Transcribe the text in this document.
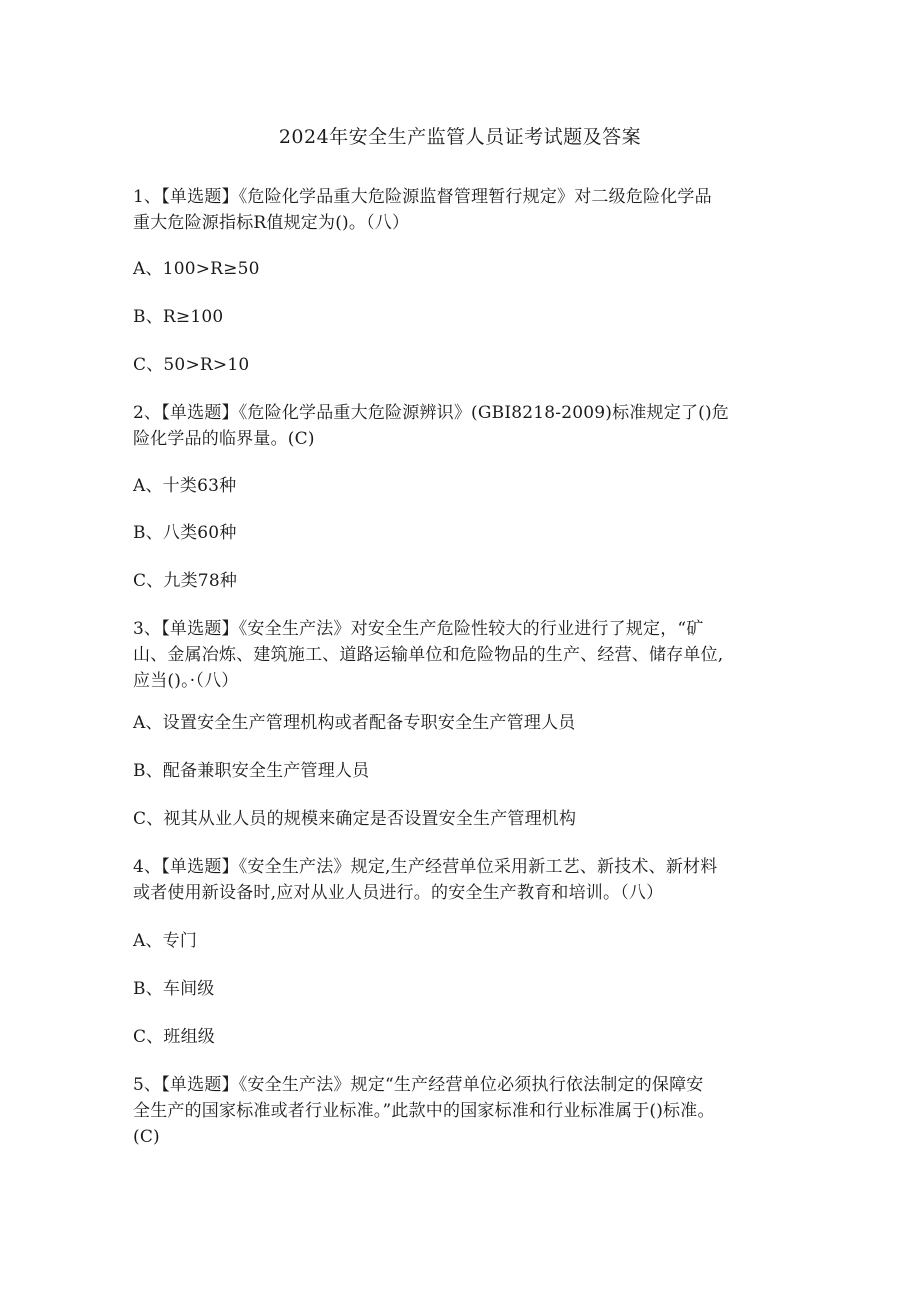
2024年安全生产监管人员证考试题及答案
1、【单选题】《危险化学品重大危险源监督管理暂行规定》对二级危险化学品
重大危险源指标R值规定为()。（八）
A、100>R≥50
B、R≥100
C、50>R>10
2、【单选题】《危险化学品重大危险源辨识》(GBI8218-2009)标准规定了()危
险化学品的临界量。(C)
A、十类63种
B、八类60种
C、九类78种
3、【单选题】《安全生产法》对安全生产危险性较大的行业进行了规定，“矿
山、金属冶炼、建筑施工、道路运输单位和危险物品的生产、经营、储存单位,
应当()。·（八）
A、设置安全生产管理机构或者配备专职安全生产管理人员
B、配备兼职安全生产管理人员
C、视其从业人员的规模来确定是否设置安全生产管理机构
4、【单选题】《安全生产法》规定,生产经营单位采用新工艺、新技术、新材料
或者使用新设备时,应对从业人员进行。的安全生产教育和培训。（八）
A、专门
B、车间级
C、班组级
5、【单选题】《安全生产法》规定“生产经营单位必须执行依法制定的保障安
全生产的国家标准或者行业标准。”此款中的国家标准和行业标准属于()标准。
(C)
